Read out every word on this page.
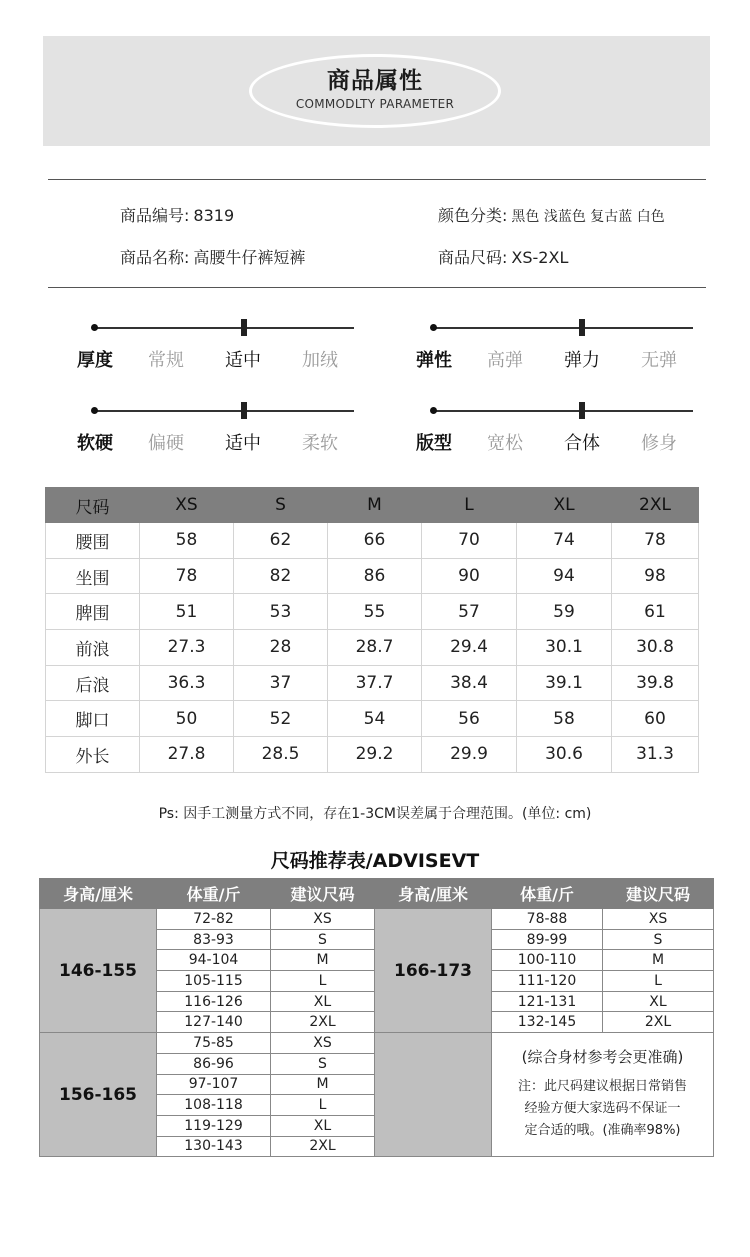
商品属性
COMMODLTY PARAMETER
商品编号: 8319	颜色分类: 黑色 浅蓝色 复古蓝 白色
商品名称: 高腰牛仔裤短裤	商品尺码: XS-2XL
厚度 常规 适中 加绒	弹性 高弹 弹力 无弹
软硬 偏硬 适中 柔软	版型 宽松 合体 修身
尺码	XS	S	M	L	XL	2XL
腰围	58	62	66	70	74	78
坐围	78	82	86	90	94	98
脾围	51	53	55	57	59	61
前浪	27.3	28	28.7	29.4	30.1	30.8
后浪	36.3	37	37.7	38.4	39.1	39.8
脚口	50	52	54	56	58	60
外长	27.8	28.5	29.2	29.9	30.6	31.3
Ps: 因手工测量方式不同，存在1-3CM误差属于合理范围。(单位: cm)
尺码推荐表/ADVISEVT
身高/厘米	体重/斤	建议尺码	身高/厘米	体重/斤	建议尺码
146-155	72-82	XS	166-173	78-88	XS
	83-93	S		89-99	S
	94-104	M		100-110	M
	105-115	L		111-120	L
	116-126	XL		121-131	XL
	127-140	2XL		132-145	2XL
156-165	75-85	XS		(综合身材参考会更准确)
注：此尺码建议根据日常销售
经验方便大家选码不保证一
定合适的哦。(准确率98%)	

	86-96	S			
	97-107	M			
	108-118	L			
	119-129	XL			
	130-143	2XL			
